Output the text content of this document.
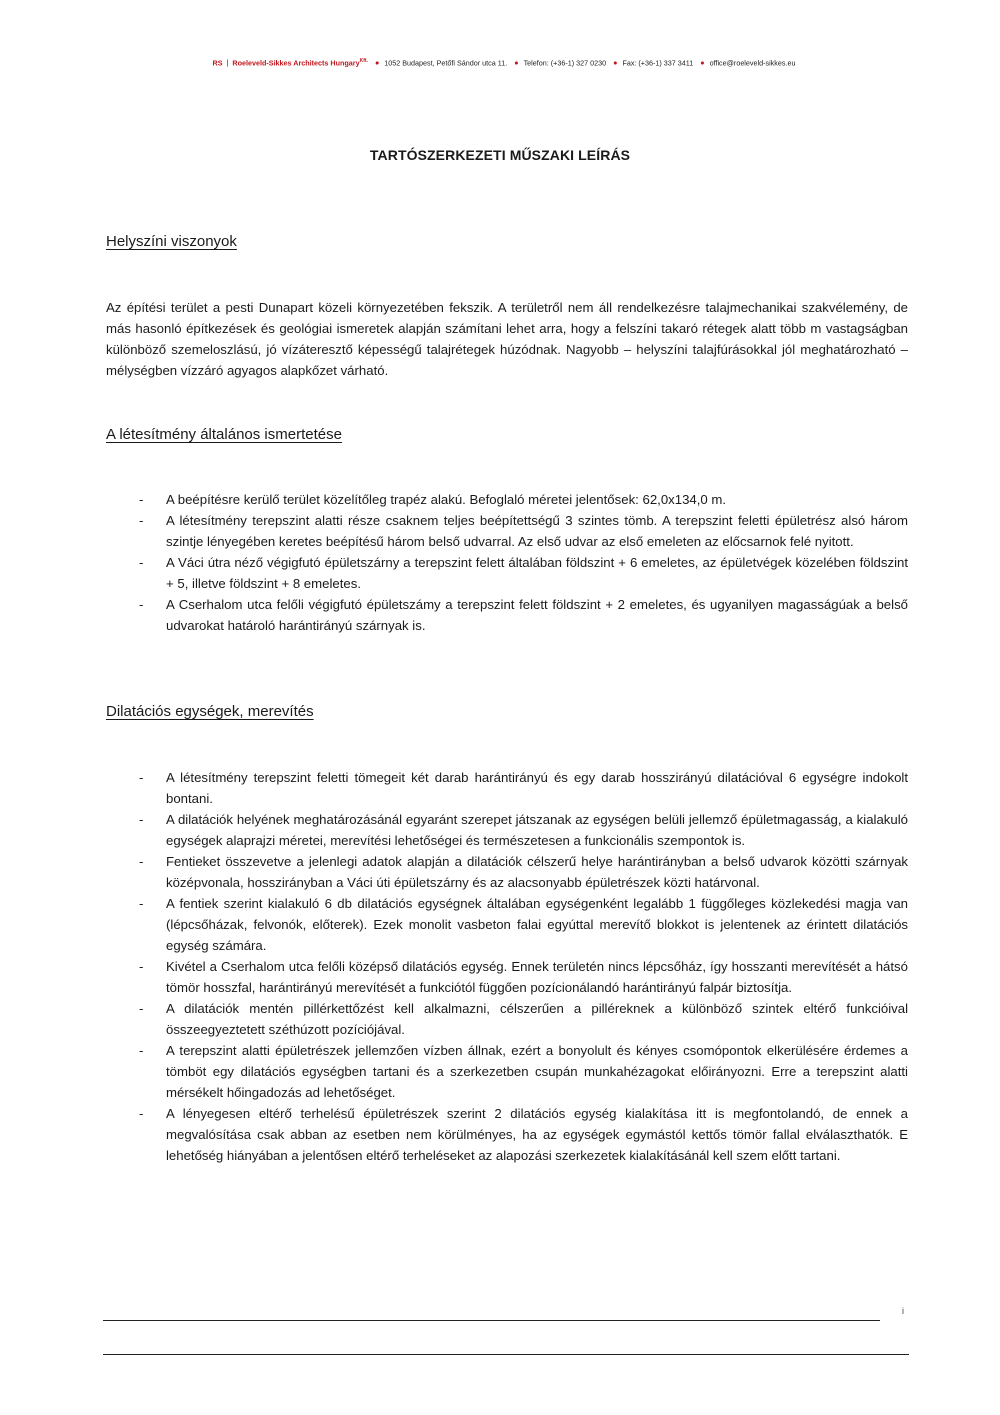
RS | Roeleveld-Sikkes Architects Hungary$^{Kft.}$ ● 1052 Budapest, Petőfi Sándor utca 11. ● Telefon: (+36-1) 327 0230 ● Fax: (+36-1) 337 3411 ● office@roeleveld-sikkes.eu
TARTÓSZERKEZETI MŰSZAKI LEÍRÁS
Helyszíni viszonyok

Az építési terület a pesti Dunapart közeli környezetében fekszik. A területről nem áll rendelkezésre talajmechanikai szakvélemény, de más hasonló építkezések és geológiai ismeretek alapján számítani lehet arra, hogy a felszíni takaró rétegek alatt több m vastagságban különböző szemeloszlású, jó vízáteresztő képességű talajrétegek húzódnak. Nagyobb – helyszíni talajfúrásokkal jól meghatározható – mélységben vízzáró agyagos alapkőzet várható.

A létesítmény általános ismertetése
- A beépítésre kerülő terület közelítőleg trapéz alakú. Befoglaló méretei jelentősek: 62,0x134,0 m.
- A létesítmény terepszint alatti része csaknem teljes beépítettségű 3 szintes tömb. A terepszint feletti épületrész alsó három szintje lényegében keretes beépítésű három belső udvarral. Az első udvar az első emeleten az előcsarnok felé nyitott.
- A Váci útra néző végigfutó épületszárny a terepszint felett általában földszint + 6 emeletes, az épületvégek közelében földszint + 5, illetve földszint + 8 emeletes.
- A Cserhalom utca felőli végigfutó épületszámy a terepszint felett földszint + 2 emeletes, és ugyanilyen magasságúak a belső udvarokat határoló harántirányú szárnyak is.
Dilatációs egységek, merevítés
- A létesítmény terepszint feletti tömegeit két darab harántirányú és egy darab hosszirányú dilatációval 6 egységre indokolt bontani.
- A dilatációk helyének meghatározásánál egyaránt szerepet játszanak az egységen belüli jellemző épületmagasság, a kialakuló egységek alaprajzi méretei, merevítési lehetőségei és természetesen a funkcionális szempontok is.
- Fentieket összevetve a jelenlegi adatok alapján a dilatációk célszerű helye harántirányban a belső udvarok közötti szárnyak középvonala, hosszirányban a Váci úti épületszárny és az alacsonyabb épületrészek közti határvonal.
- A fentiek szerint kialakuló 6 db dilatációs egységnek általában egységenként legalább 1 függőleges közlekedési magja van (lépcsőházak, felvonók, előterek). Ezek monolit vasbeton falai egyúttal merevítő blokkot is jelentenek az érintett dilatációs egység számára.
- Kivétel a Cserhalom utca felőli középső dilatációs egység. Ennek területén nincs lépcsőház, így hosszanti merevítését a hátsó tömör hosszfal, harántirányú merevítését a funkciótól függően pozícionálandó harántirányú falpár biztosítja.
- A dilatációk mentén pillérkettőzést kell alkalmazni, célszerűen a pilléreknek a különböző szintek eltérő funkcióival összeegyeztetett széthúzott pozíciójával.
- A terepszint alatti épületrészek jellemzően vízben állnak, ezért a bonyolult és kényes csomópontok elkerülésére érdemes a tömböt egy dilatációs egységben tartani és a szerkezetben csupán munkahézagokat előirányozni. Erre a terepszint alatti mérsékelt hőingadozás ad lehetőséget.
- A lényegesen eltérő terhelésű épületrészek szerint 2 dilatációs egység kialakítása itt is megfontolandó, de ennek a megvalósítása csak abban az esetben nem körülményes, ha az egységek egymástól kettős tömör fallal elválaszthatók. E lehetőség hiányában a jelentősen eltérő terheléseket az alapozási szerkezetek kialakításánál kell szem előtt tartani.
i
